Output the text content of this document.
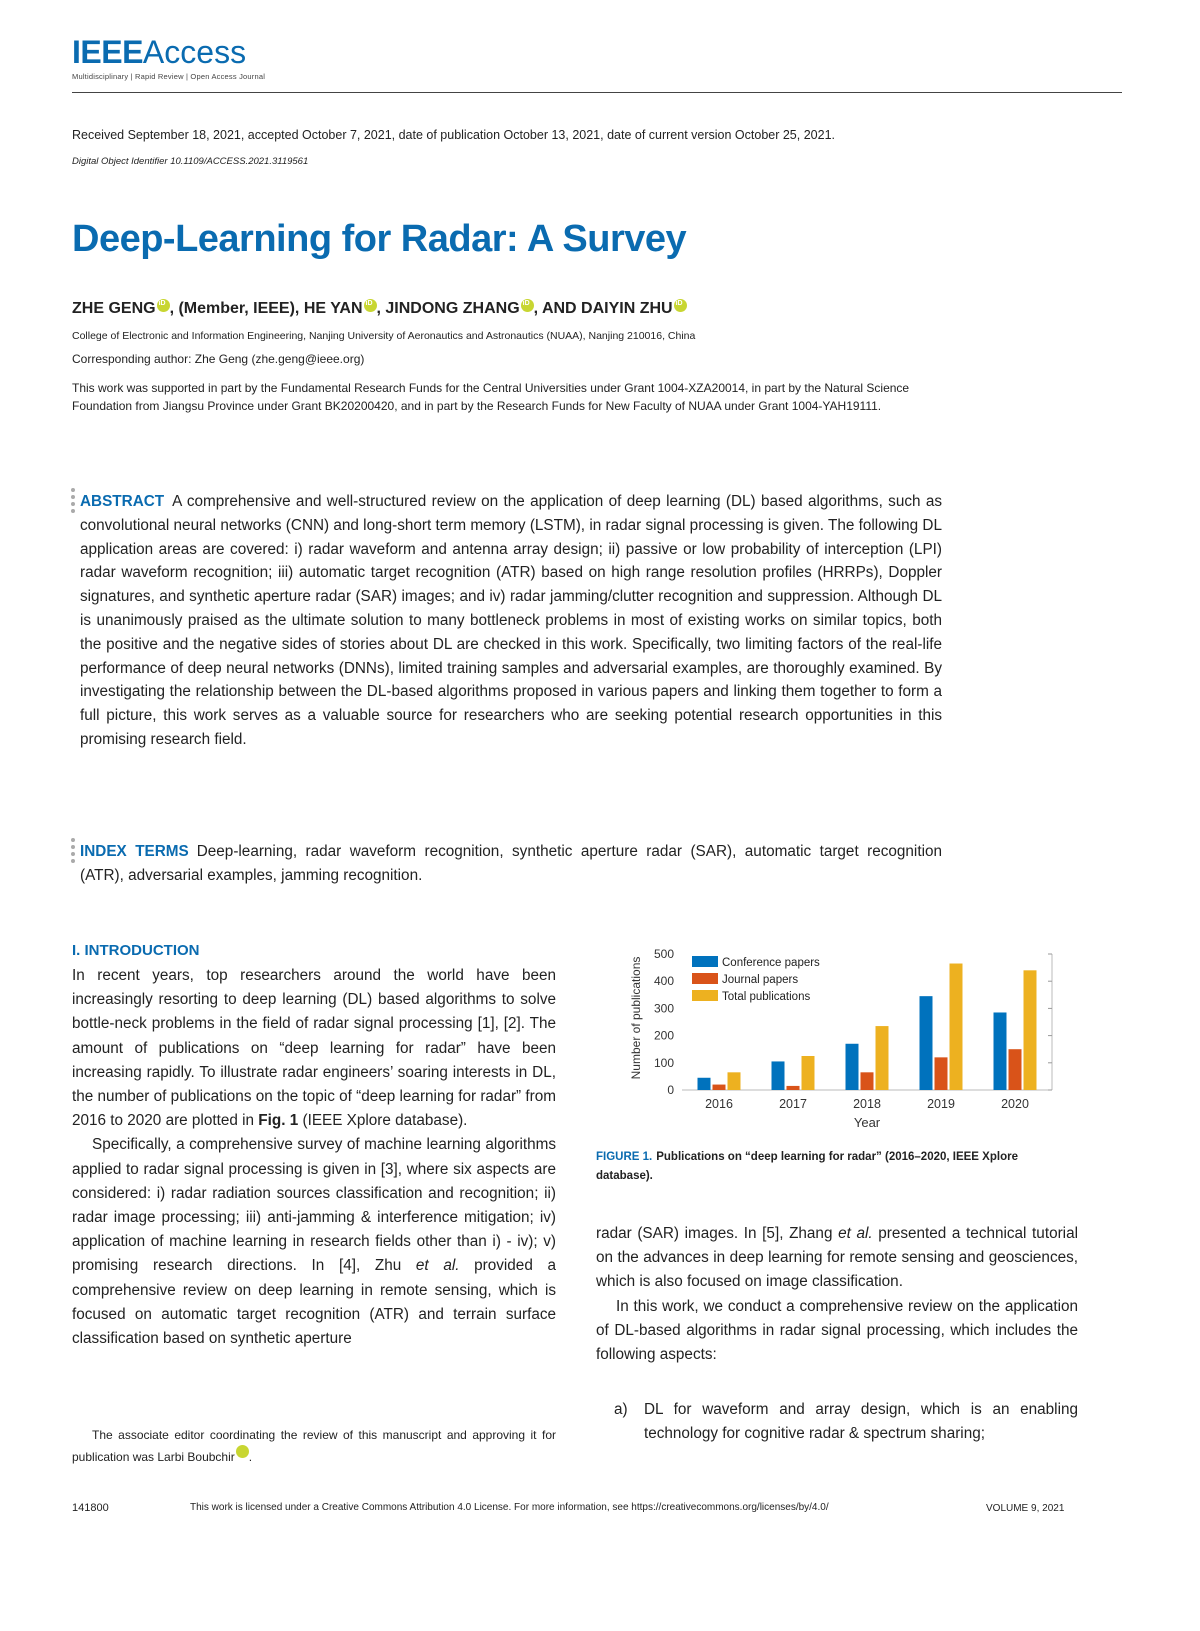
IEEEAccess
Multidisciplinary | Rapid Review | Open Access Journal
Received September 18, 2021, accepted October 7, 2021, date of publication October 13, 2021, date of current version October 25, 2021.
Digital Object Identifier 10.1109/ACCESS.2021.3119561
Deep-Learning for Radar: A Survey
ZHE GENG iD , (Member, IEEE), HE YAN iD , JINDONG ZHANG iD , AND DAIYIN ZHUiD
College of Electronic and Information Engineering, Nanjing University of Aeronautics and Astronautics (NUAA), Nanjing 210016, China
Corresponding author: Zhe Geng (zhe.geng@ieee.org)
This work was supported in part by the Fundamental Research Funds for the Central Universities under Grant 1004-XZA20014, in part by the Natural Science Foundation from Jiangsu Province under Grant BK20200420, and in part by the Research Funds for New Faculty of NUAA under Grant 1004-YAH19111.
ABSTRACT A comprehensive and well-structured review on the application of deep learning (DL) based algorithms, such as convolutional neural networks (CNN) and long-short term memory (LSTM), in radar signal processing is given. The following DL application areas are covered: i) radar waveform and antenna array design; ii) passive or low probability of interception (LPI) radar waveform recognition; iii) automatic target recognition (ATR) based on high range resolution profiles (HRRPs), Doppler signatures, and synthetic aperture radar (SAR) images; and iv) radar jamming/clutter recognition and suppression. Although DL is unanimously praised as the ultimate solution to many bottleneck problems in most of existing works on similar topics, both the positive and the negative sides of stories about DL are checked in this work. Specifically, two limiting factors of the real-life performance of deep neural networks (DNNs), limited training samples and adversarial examples, are thoroughly examined. By investigating the relationship between the DL-based algorithms proposed in various papers and linking them together to form a full picture, this work serves as a valuable source for researchers who are seeking potential research opportunities in this promising research field.
INDEX TERMS Deep-learning, radar waveform recognition, synthetic aperture radar (SAR), automatic target recognition (ATR), adversarial examples, jamming recognition.
I. INTRODUCTION

In recent years, top researchers around the world have been increasingly resorting to deep learning (DL) based algorithms to solve bottle-neck problems in the field of radar signal processing [1], [2]. The amount of publications on “deep learning for radar” have been increasing rapidly. To illustrate radar engineers’ soaring interests in DL, the number of publications on the topic of “deep learning for radar” from 2016 to 2020 are plotted in Fig. 1 (IEEE Xplore database).

Specifically, a comprehensive survey of machine learning algorithms applied to radar signal processing is given in [3], where six aspects are considered: i) radar radiation sources classification and recognition; ii) radar image processing; iii) anti-jamming & interference mitigation; iv) application of machine learning in research fields other than i) - iv); v) promising research directions. In [4], Zhu et al. provided a comprehensive review on deep learning in remote sensing, which is focused on automatic target recognition (ATR) and terrain surface classification based on synthetic aperture

The associate editor coordinating the review of this manuscript and approving it for publication was Larbi BoubchiriD
0
100
200
300
400
500
2016	2017	2018	2019	2020
Conference papers
Journal papers
Total publications
Number of publications
Year
FIGURE 1. Publications on “deep learning for radar” (2016–2020, IEEE Xplore database).

radar (SAR) images. In [5], Zhang et al. presented a technical tutorial on the advances in deep learning for remote sensing and geosciences, which is also focused on image classification.

In this work, we conduct a comprehensive review on the application of DL-based algorithms in radar signal processing, which includes the following aspects:

a) DL for waveform and array design, which is an enabling technology for cognitive radar & spectrum sharing;
141800	This work is licensed under a Creative Commons Attribution 4.0 License. For more information, see https://creativecommons.org/licenses/by/4.0/	VOLUME 9, 2021
